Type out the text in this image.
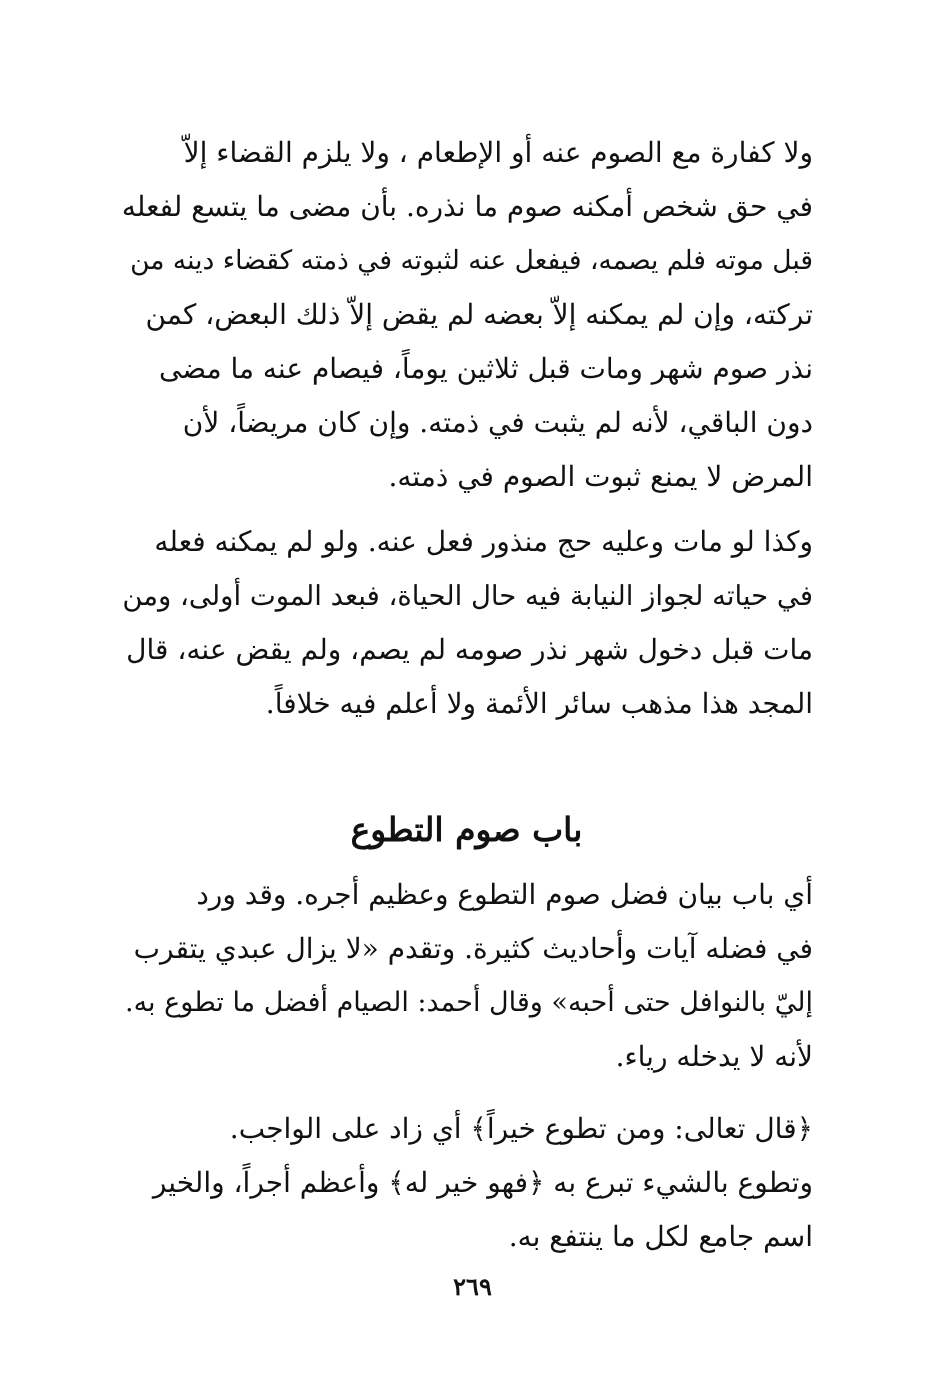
ولا كفارة مع الصوم عنه أو الإطعام ، ولا يلزم القضاء إلاّ
في حق شخص أمكنه صوم ما نذره. بأن مضى ما يتسع لفعله
قبل موته فلم يصمه، فيفعل عنه لثبوته في ذمته كقضاء دينه من
تركته، وإن لم يمكنه إلاّ بعضه لم يقض إلاّ ذلك البعض، كمن
نذر صوم شهر ومات قبل ثلاثين يوماً، فيصام عنه ما مضى
دون الباقي، لأنه لم يثبت في ذمته. وإن كان مريضاً، لأن
المرض لا يمنع ثبوت الصوم في ذمته.
وكذا لو مات وعليه حج منذور فعل عنه. ولو لم يمكنه فعله
في حياته لجواز النيابة فيه حال الحياة، فبعد الموت أولى، ومن
مات قبل دخول شهر نذر صومه لم يصم، ولم يقض عنه، قال
المجد هذا مذهب سائر الأئمة ولا أعلم فيه خلافاً.
باب صوم التطوع
أي باب بيان فضل صوم التطوع وعظيم أجره. وقد ورد
في فضله آيات وأحاديث كثيرة. وتقدم «لا يزال عبدي يتقرب
إليّ بالنوافل حتى أحبه» وقال أحمد: الصيام أفضل ما تطوع به.
لأنه لا يدخله رياء.
﴿قال تعالى: ومن تطوع خيراً﴾ أي زاد على الواجب.
وتطوع بالشيء تبرع به ﴿فهو خير له﴾ وأعظم أجراً، والخير
اسم جامع لكل ما ينتفع به.
٢٦٩
